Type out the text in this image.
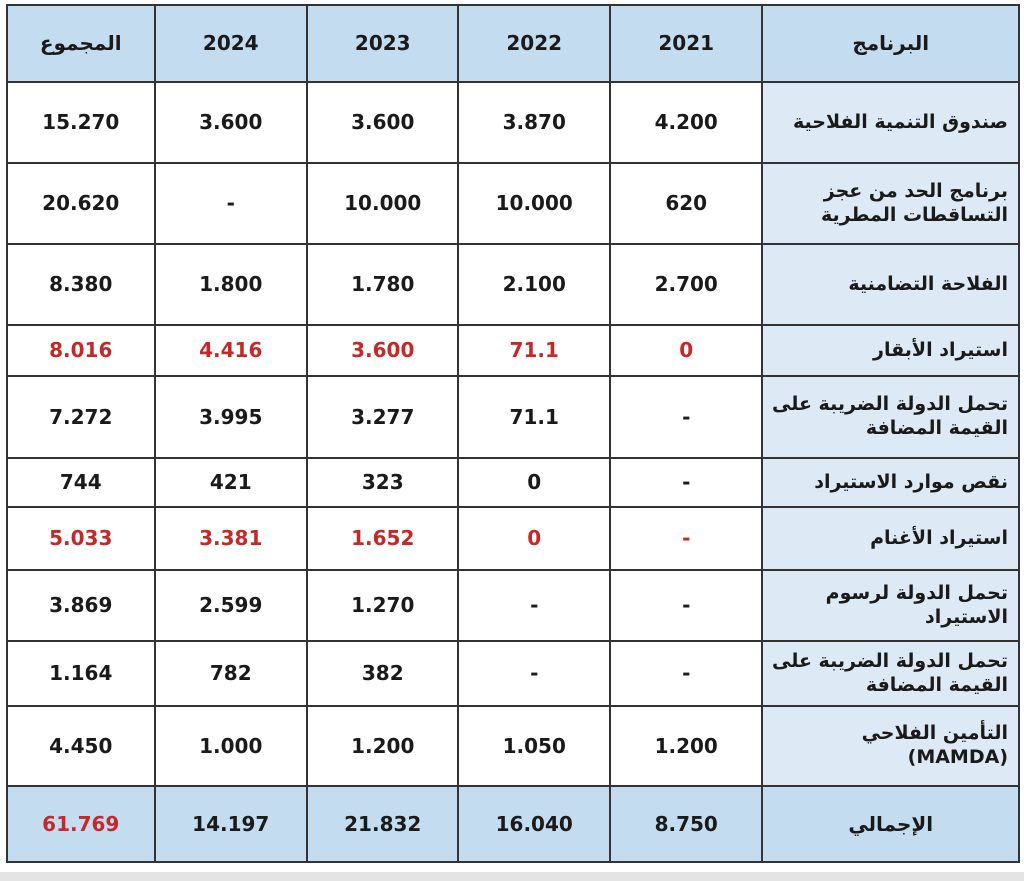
البرنامج	2021	2022	2023	2024	المجموع
صندوق التنمية الفلاحية	4.200	3.870	3.600	3.600	15.270
برنامج الحد من عجز التساقطات المطرية	620	10.000	10.000	-	20.620
الفلاحة التضامنية	2.700	2.100	1.780	1.800	8.380
استيراد الأبقار	0	71.1	3.600	4.416	8.016
تحمل الدولة الضريبة على القيمة المضافة	-	71.1	3.277	3.995	7.272
نقص موارد الاستيراد	-	0	323	421	744
استيراد الأغنام	-	0	1.652	3.381	5.033
تحمل الدولة لرسوم الاستيراد	-	-	1.270	2.599	3.869
تحمل الدولة الضريبة على القيمة المضافة	-	-	382	782	1.164
التأمين الفلاحي (MAMDA)	1.200	1.050	1.200	1.000	4.450
الإجمالي	8.750	16.040	21.832	14.197	61.769
